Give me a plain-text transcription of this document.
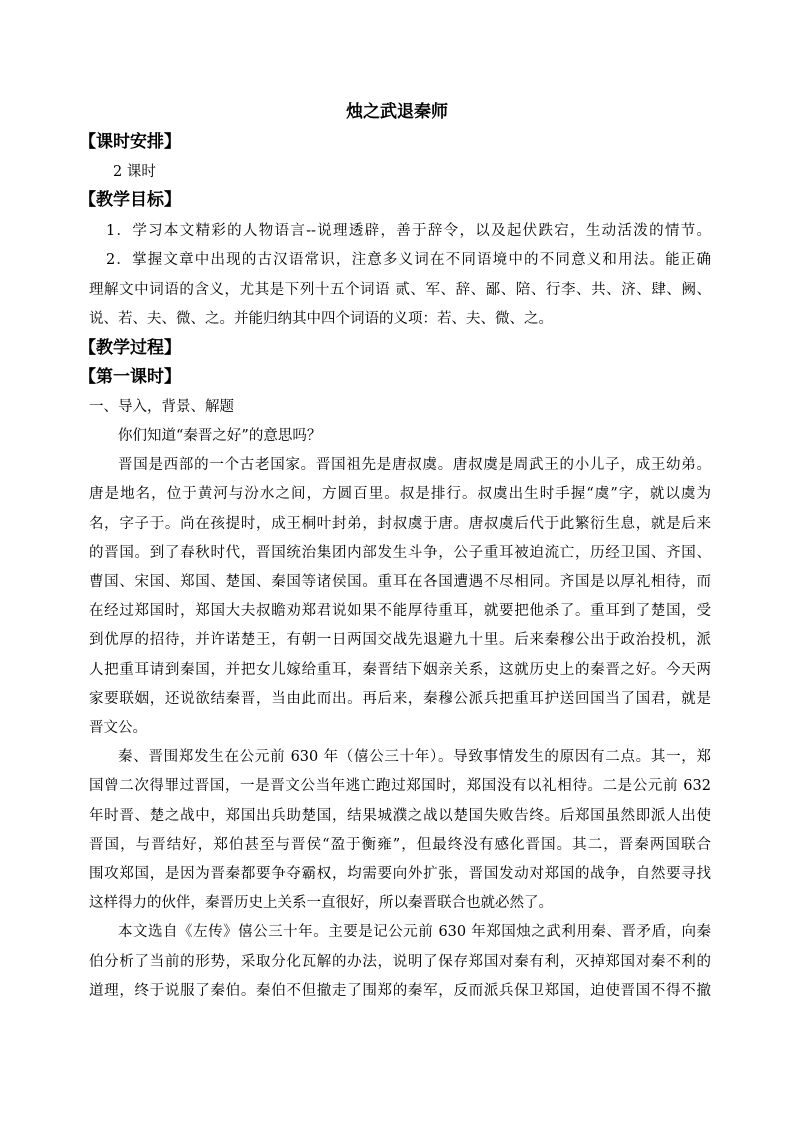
烛之武退秦师
【课时安排】
2 课时
【教学目标】
1．学习本文精彩的人物语言--说理透辟，善于辞令，以及起伏跌宕，生动活泼的情节。
2．掌握文章中出现的古汉语常识，注意多义词在不同语境中的不同意义和用法。能正确
理解文中词语的含义，尤其是下列十五个词语 贰、军、辞、鄙、陪、行李、共、济、肆、阙、
说、若、夫、微、之。并能归纳其中四个词语的义项：若、夫、微、之。
【教学过程】
【第一课时】
一、导入，背景、解题
你们知道“秦晋之好”的意思吗？
晋国是西部的一个古老国家。晋国祖先是唐叔虞。唐叔虞是周武王的小儿子，成王幼弟。
唐是地名，位于黄河与汾水之间，方圆百里。叔是排行。叔虞出生时手握“虞”字，就以虞为
名，字子于。尚在孩提时，成王桐叶封弟，封叔虞于唐。唐叔虞后代于此繁衍生息，就是后来
的晋国。到了春秋时代，晋国统治集团内部发生斗争，公子重耳被迫流亡，历经卫国、齐国、
曹国、宋国、郑国、楚国、秦国等诸侯国。重耳在各国遭遇不尽相同。齐国是以厚礼相待，而
在经过郑国时，郑国大夫叔瞻劝郑君说如果不能厚待重耳，就要把他杀了。重耳到了楚国，受
到优厚的招待，并许诺楚王，有朝一日两国交战先退避九十里。后来秦穆公出于政治投机，派
人把重耳请到秦国，并把女儿嫁给重耳，秦晋结下姻亲关系，这就历史上的秦晋之好。今天两
家要联姻，还说欲结秦晋，当由此而出。再后来，秦穆公派兵把重耳护送回国当了国君，就是
晋文公。
秦、晋围郑发生在公元前 630 年（僖公三十年）。导致事情发生的原因有二点。其一，郑
国曾二次得罪过晋国，一是晋文公当年逃亡跑过郑国时，郑国没有以礼相待。二是公元前 632
年时晋、楚之战中，郑国出兵助楚国，结果城濮之战以楚国失败告终。后郑国虽然即派人出使
晋国，与晋结好，郑伯甚至与晋侯“盈于衡雍”，但最终没有感化晋国。其二，晋秦两国联合
围攻郑国，是因为晋秦都要争夺霸权，均需要向外扩张，晋国发动对郑国的战争，自然要寻找
这样得力的伙伴，秦晋历史上关系一直很好，所以秦晋联合也就必然了。
本文选自《左传》僖公三十年。主要是记公元前 630 年郑国烛之武利用秦、晋矛盾，向秦
伯分析了当前的形势，采取分化瓦解的办法，说明了保存郑国对秦有利，灭掉郑国对秦不利的
道理，终于说服了秦伯。秦伯不但撤走了围郑的秦军，反而派兵保卫郑国，迫使晋国不得不撤
